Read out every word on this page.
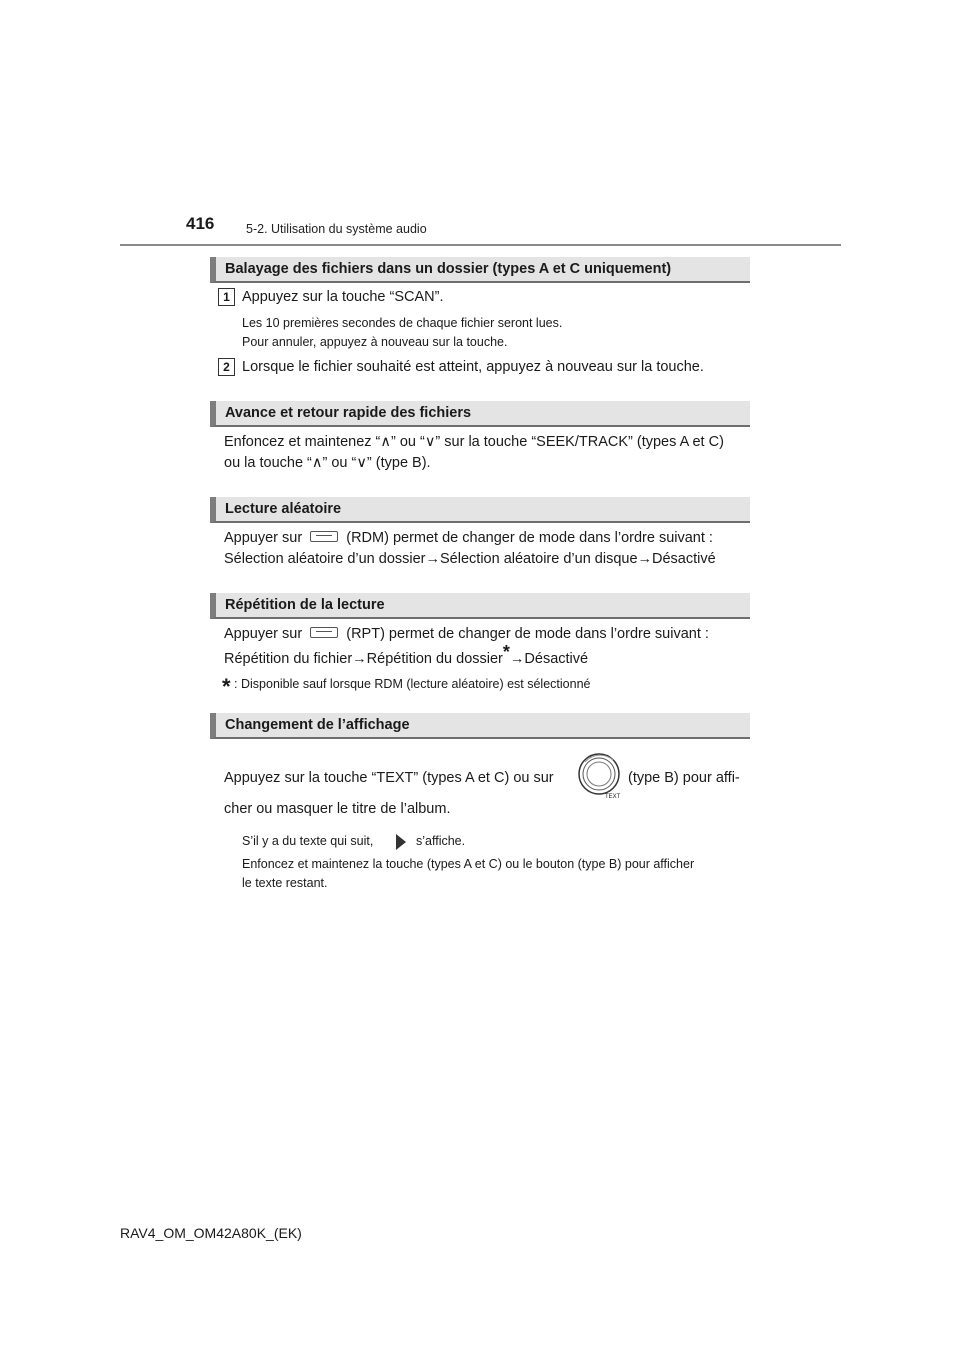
416	5-2. Utilisation du système audio
Balayage des fichiers dans un dossier (types A et C uniquement)
1 Appuyez sur la touche “SCAN”.
Les 10 premières secondes de chaque fichier seront lues.
Pour annuler, appuyez à nouveau sur la touche.
2 Lorsque le fichier souhaité est atteint, appuyez à nouveau sur la touche.
Avance et retour rapide des fichiers
Enfoncez et maintenez “∧” ou “∨” sur la touche “SEEK/TRACK” (types A et C)
ou la touche “∧” ou “∨” (type B).
Lecture aléatoire
Appuyer sur	(RDM) permet de changer de mode dans l’ordre suivant :
Sélection aléatoire d’un dossier→Sélection aléatoire d’un disque→Désactivé
Répétition de la lecture
Appuyer sur	(RPT) permet de changer de mode dans l’ordre suivant :
Répétition du fichier→Répétition du dossier*→Désactivé
* : Disponible sauf lorsque RDM (lecture aléatoire) est sélectionné
Changement de l’affichage
Appuyez sur la touche “TEXT” (types A et C) ou sur
TEXT
(type B) pour affi-
cher ou masquer le titre de l’album.
S’il y a du texte qui suit,	s’affiche.
Enfoncez et maintenez la touche (types A et C) ou le bouton (type B) pour afficher
le texte restant.
RAV4_OM_OM42A80K_(EK)
